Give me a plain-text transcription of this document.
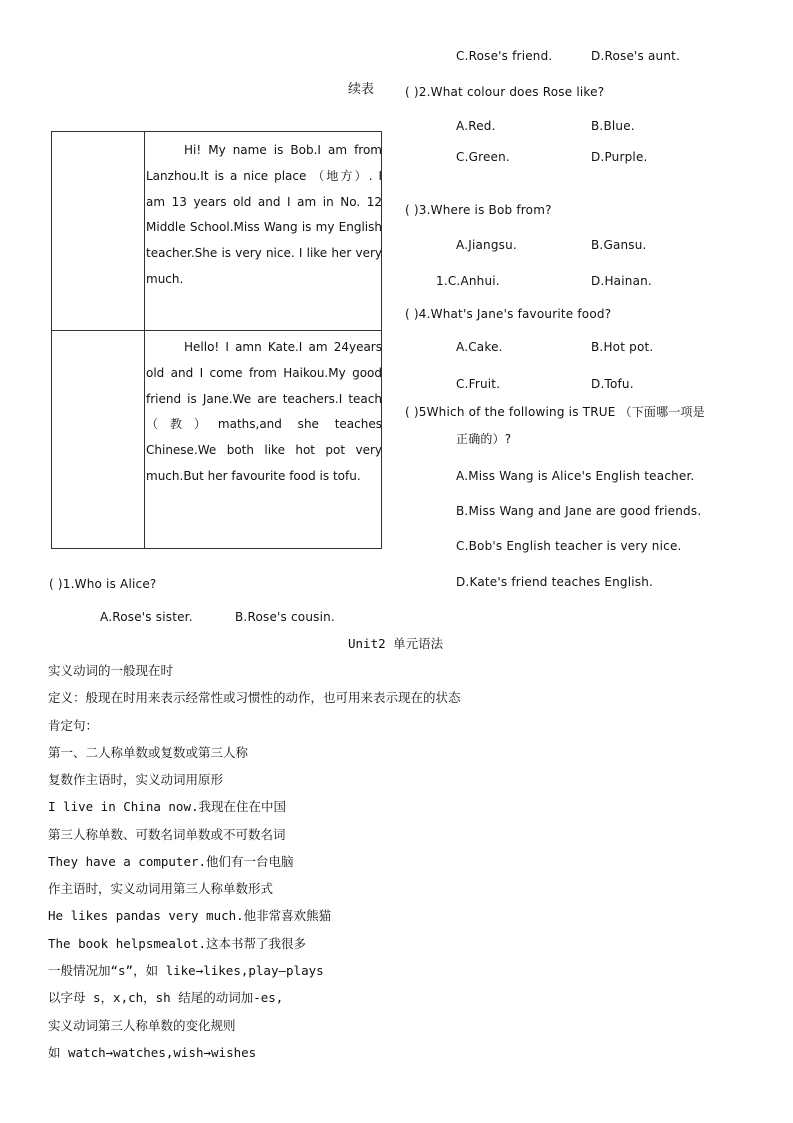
续表

Hi! My name is Bob.I am from Lanzhou.It is a nice place （地方）. I am 13 years old and I am in No. 12 Middle School.Miss Wang is my English teacher.She is very nice. I like her very much.

Hello! I amn Kate.I am 24years old and I come from Haikou.My good friend is Jane.We are teachers.I teach （教）maths,and she teaches Chinese.We both like hot pot very much.But her favourite food is tofu.

( )1.Who is Alice?
A.Rose's sister.	B.Rose's cousin.
C.Rose's friend.	D.Rose's aunt.
( )2.What colour does Rose like?
A.Red.	B.Blue.
C.Green.	D.Purple.
( )3.Where is Bob from?
A.Jiangsu.	B.Gansu.
1.C.Anhui.	D.Hainan.
( )4.What's Jane's favourite food?
A.Cake.	B.Hot pot.
C.Fruit.	D.Tofu.
( )5Which of the following is TRUE （下面哪一项是
正确的）?
A.Miss Wang is Alice's English teacher.
B.Miss Wang and Jane are good friends.
C.Bob's English teacher is very nice.
D.Kate's friend teaches English.
Unit2 单元语法
实义动词的一般现在时
定义：般现在时用来表示经常性或习惯性的动作，也可用来表示现在的状态
肯定句：
第一、二人称单数或复数或第三人称
复数作主语时，实义动词用原形
I live in China now.我现在住在中国
第三人称单数、可数名词单数或不可数名词
They have a computer.他们有一台电脑
作主语时，实义动词用第三人称单数形式
He likes pandas very much.他非常喜欢熊猫
The book helpsmealot.这本书帮了我很多
一般情况加“s”，如 like→likes,play—plays
以字母 s，x,ch，sh 结尾的动词加-es,
实义动词第三人称单数的变化规则
如 watch→watches,wish→wishes
